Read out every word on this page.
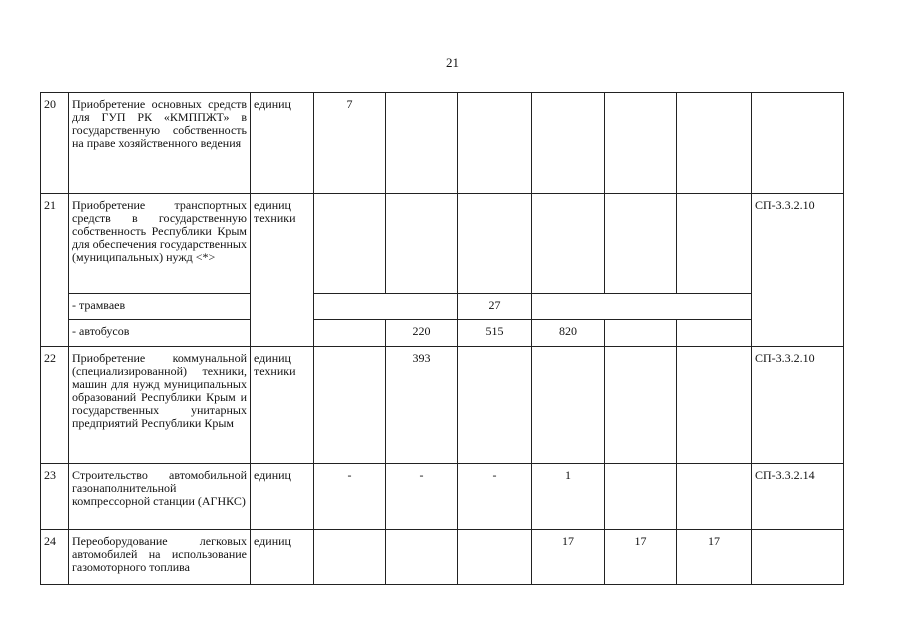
21
20	Приобретение основных средств для ГУП РК «КМППЖТ» в государственную собственность на праве хозяйственного ведения	единиц	7						
21	Приобретение транспортных средств в государственную собственность Республики Крым для обеспечения государственных (муниципальных) нужд <*>	единиц техники							СП-3.3.2.10
	- трамваев				27				
	- автобусов			220	515	820			
22	Приобретение коммунальной (специализированной) техники, машин для нужд муниципальных образований Республики Крым и государственных унитарных предприятий Республики Крым	единиц техники		393					СП-3.3.2.10
23	Строительство автомобильной газонаполнительной компрессорной станции (АГНКС)	единиц	-	-	-	1			СП-3.3.2.14
24	Переоборудование легковых автомобилей на использование газомоторного топлива	единиц				17	17	17	
